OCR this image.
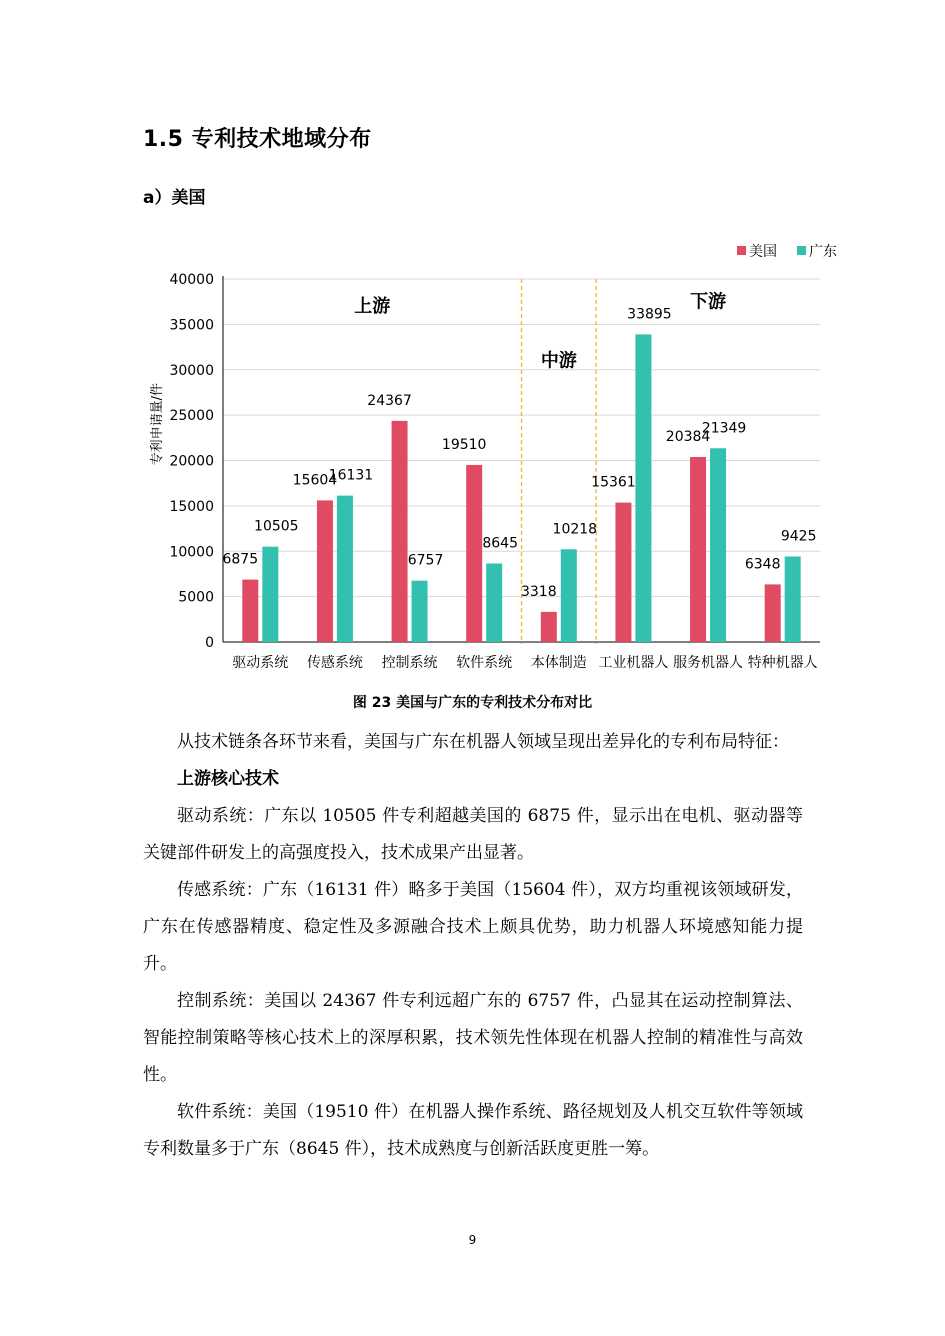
1.5 专利技术地域分布
a）美国
0
5000
10000
15000
20000
25000
30000
35000
40000
专利申请量/件
上游
中游
下游
6875
15604
24367
19510
3318
15361
20384
6348
10505
16131
6757
8645
10218
33895
21349
9425
驱动系统 传感系统 控制系统 软件系统 本体制造 工业机器人 服务机器人 特种机器人
美国 广东
图 23 美国与广东的专利技术分布对比

从技术链条各环节来看，美国与广东在机器人领域呈现出差异化的专利布局特征：

上游核心技术

驱动系统：广东以 10505 件专利超越美国的 6875 件，显示出在电机、驱动器等关键部件研发上的高强度投入，技术成果产出显著。

传感系统：广东（16131 件）略多于美国（15604 件），双方均重视该领域研发，广东在传感器精度、稳定性及多源融合技术上颇具优势，助力机器人环境感知能力提升。

控制系统：美国以 24367 件专利远超广东的 6757 件，凸显其在运动控制算法、智能控制策略等核心技术上的深厚积累，技术领先性体现在机器人控制的精准性与高效性。

软件系统：美国（19510 件）在机器人操作系统、路径规划及人机交互软件等领域专利数量多于广东（8645 件），技术成熟度与创新活跃度更胜一筹。

9
